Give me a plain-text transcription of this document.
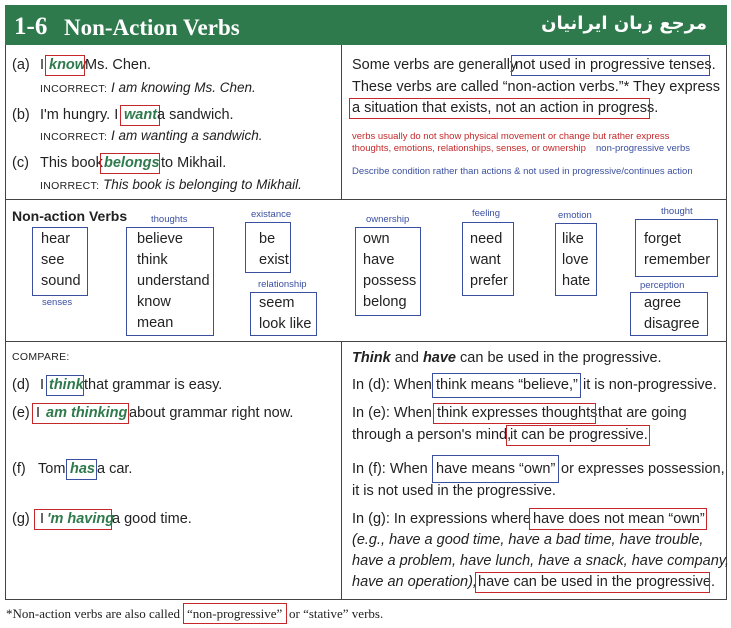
1-6 Non-Action Verbs	مرجع زبان ایرانیان
(a) I know
Ms. Chen.
INCORRECT: I am knowing Ms. Chen.
(b) I'm hungry. I want a sandwich.
INCORRECT: I am wanting a sandwich.
(c) This book belongs to Mikhail.
INORRECT: This book is belonging to Mikhail.
Some verbs are generally
not used in progressive tenses.
These verbs are called “non-action verbs.”* They express
a situation that exists, not an action in progress.
verbs usually do not show physical movement or change but rather express thoughts, emotions, relationships, senses, or ownership	non-progressive verbs
Describe condition rather than actions & not used in progressive/continues action
Non-action Verbs
hear
see
sound
senses
thoughts
believe
think
understand
know
mean
existance
be
exist
relationship
seem
look like
ownership
own
have
possess
belong
feeling
need
want
prefer
emotion
like
love
hate
thought
forget
remember
perception
agree
disagree
COMPARE:
(d) I think that grammar is easy.
(e) I am thinking about grammar right now.
(f) Tom has a car.
(g) I 'm having
a good time.
Think and have can be used in the progressive.
In (d): When think means “believe,” it is non-progressive.
In (e): When think expresses thoughts that are going
through a person's mind,
it can be progressive.
In (f): When have means “own” or expresses possession,
it is not used in the progressive.
In (g): In expressions where have does not mean “own”
(e.g., have a good time, have a bad time, have trouble,
have a problem, have lunch, have a snack, have company,
have an operation), have can be used in the progressive.
*Non-action verbs are also called “non-progressive” or “stative” verbs.
